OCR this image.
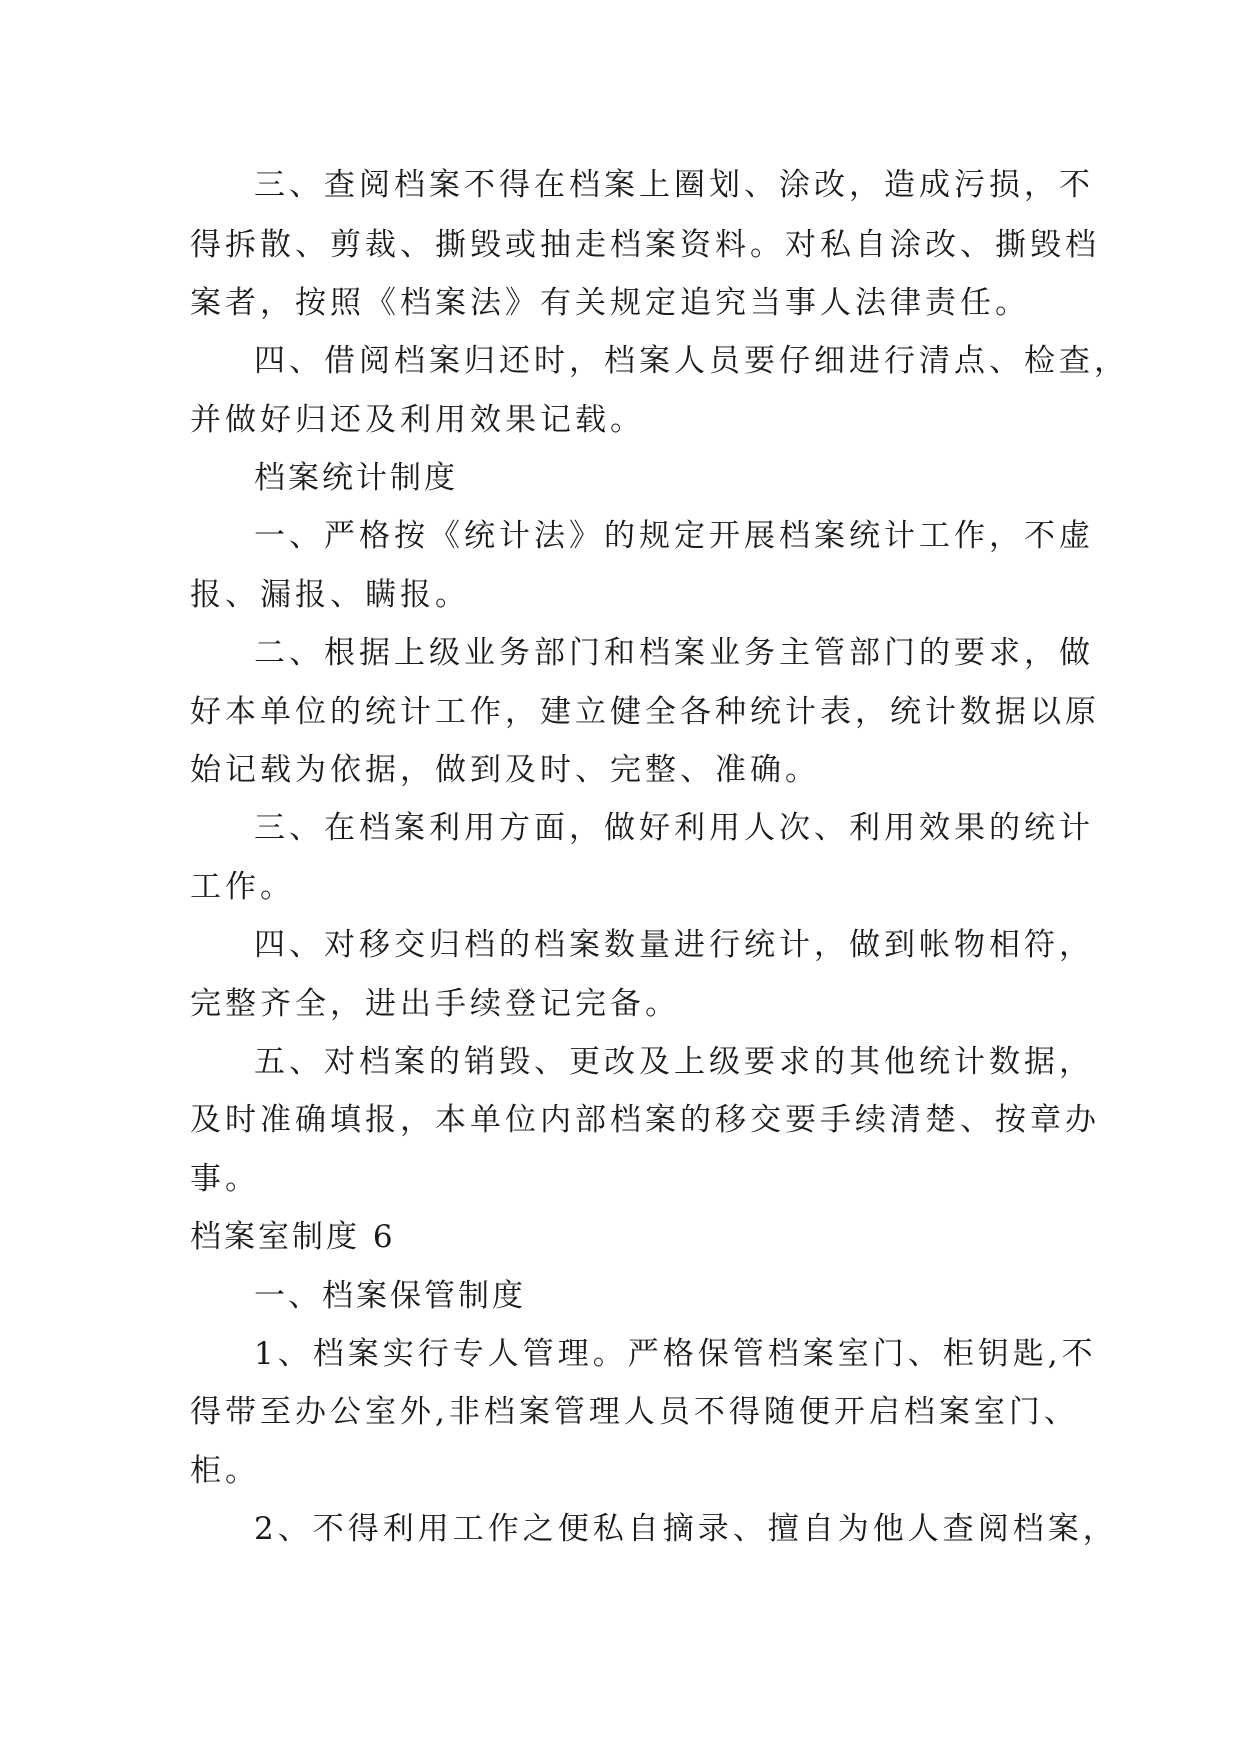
三、查阅档案不得在档案上圈划、涂改，造成污损，不
得拆散、剪裁、撕毁或抽走档案资料。对私自涂改、撕毁档
案者，按照《档案法》有关规定追究当事人法律责任。
四、借阅档案归还时，档案人员要仔细进行清点、检查，
并做好归还及利用效果记载。
档案统计制度
一、严格按《统计法》的规定开展档案统计工作，不虚
报、漏报、瞒报。
二、根据上级业务部门和档案业务主管部门的要求，做
好本单位的统计工作，建立健全各种统计表，统计数据以原
始记载为依据，做到及时、完整、准确。
三、在档案利用方面，做好利用人次、利用效果的统计
工作。
四、对移交归档的档案数量进行统计，做到帐物相符，
完整齐全，进出手续登记完备。
五、对档案的销毁、更改及上级要求的其他统计数据，
及时准确填报，本单位内部档案的移交要手续清楚、按章办
事。
档案室制度 6
一、档案保管制度
1、档案实行专人管理。严格保管档案室门、柜钥匙,不
得带至办公室外,非档案管理人员不得随便开启档案室门、
柜。
2、不得利用工作之便私自摘录、擅自为他人查阅档案，
